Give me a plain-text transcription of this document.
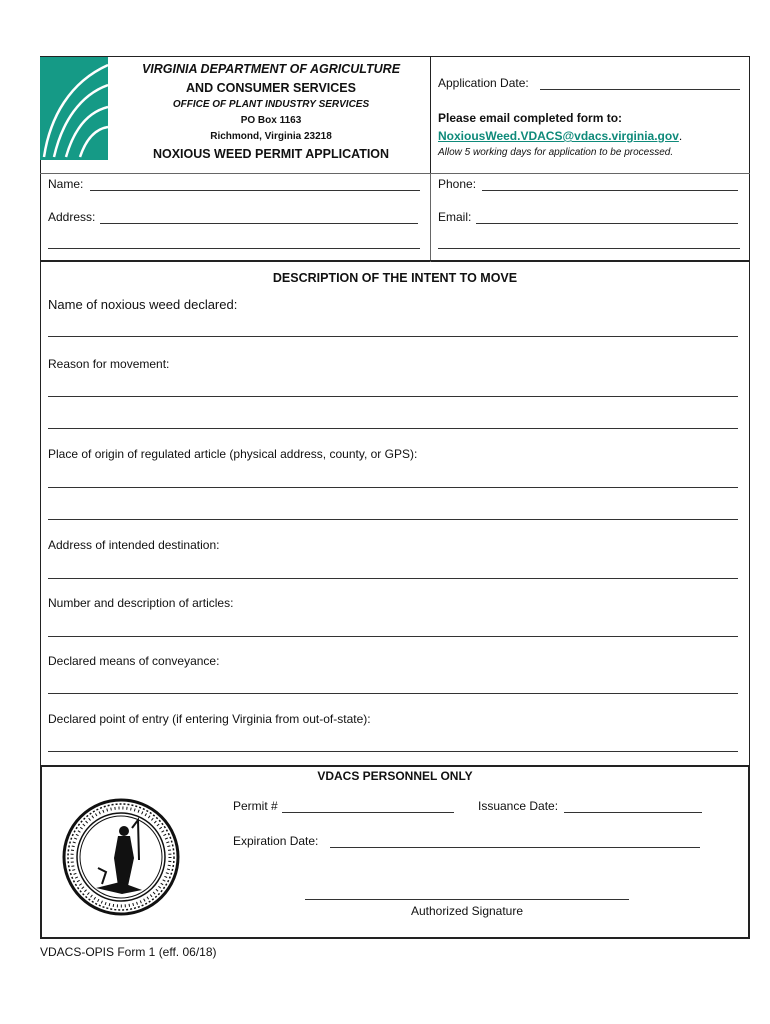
VIRGINIA DEPARTMENT OF AGRICULTURE
AND CONSUMER SERVICES
OFFICE OF PLANT INDUSTRY SERVICES
PO Box 1163
Richmond, Virginia 23218
NOXIOUS WEED PERMIT APPLICATION
Application Date:
Please email completed form to:
NoxiousWeed.VDACS@vdacs.virginia.gov.
Allow 5 working days for application to be processed.
Name:
Address:
Phone:
Email:
DESCRIPTION OF THE INTENT TO MOVE
Name of noxious weed declared:
Reason for movement:
Place of origin of regulated article (physical address, county, or GPS):
Address of intended destination:
Number and description of articles:
Declared means of conveyance:
Declared point of entry (if entering Virginia from out-of-state):
VDACS PERSONNEL ONLY
Permit #	Issuance Date:
Expiration Date:
Authorized Signature
VDACS-OPIS Form 1 (eff. 06/18)
